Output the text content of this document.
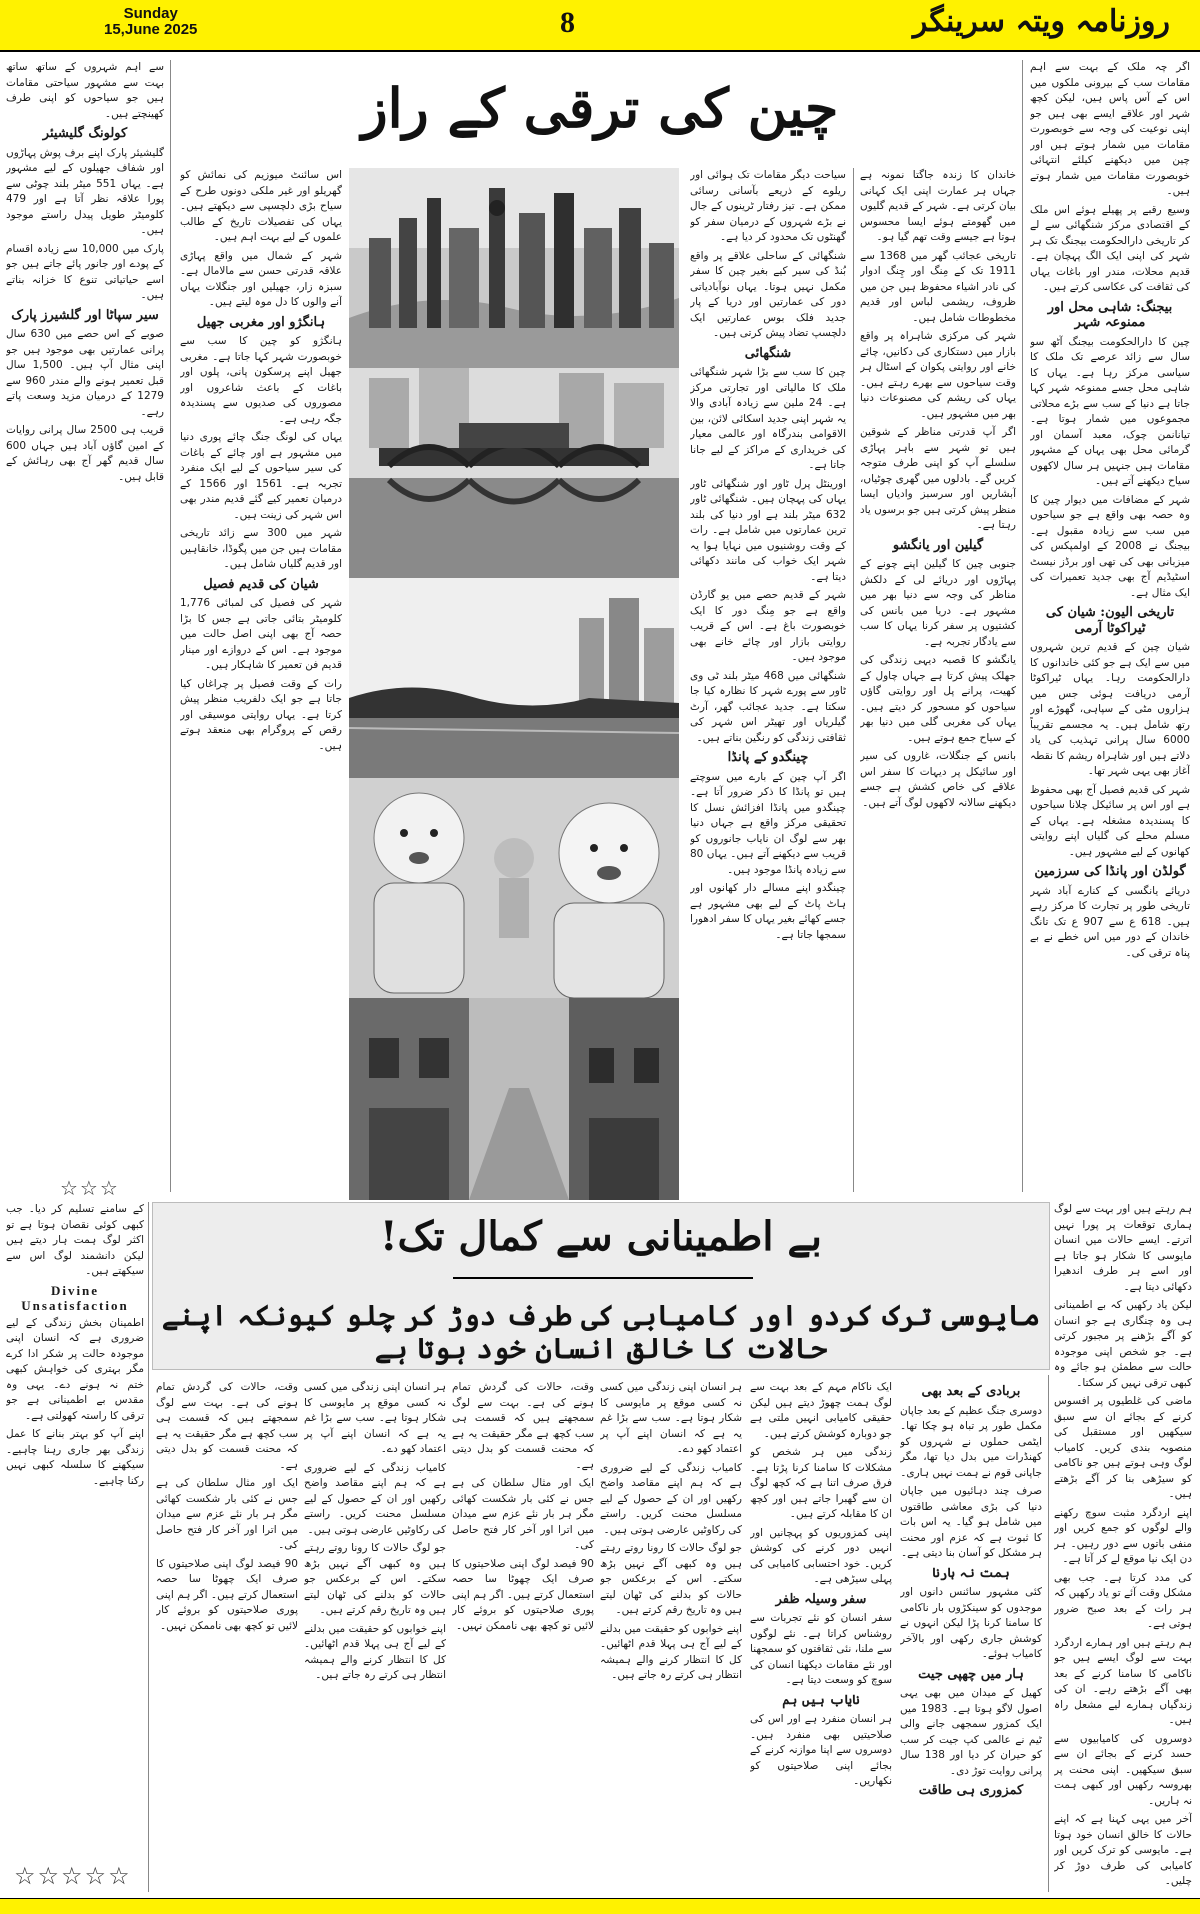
Sunday
15,June 2025	8	روزنامہ ویتہ سرینگر
چین کی ترقی کے راز

اگر چہ ملک کے بہت سے اہم مقامات سب کے بیرونی ملکوں میں اس کے آس پاس ہیں، لیکن کچھ شہر اور علاقے ایسے بھی ہیں جو اپنی نوعیت کی وجہ سے خوبصورت مقامات میں شمار ہوتے ہیں اور چین میں دیکھنے کیلئے انتہائی خوبصورت مقامات میں شمار ہوتے ہیں۔

وسیع رقبے پر پھیلے ہوئے اس ملک کے اقتصادی مرکز شنگھائی سے لے کر تاریخی دارالحکومت بیجنگ تک ہر شہر کی اپنی ایک الگ پہچان ہے۔ قدیم محلات، مندر اور باغات یہاں کی ثقافت کی عکاسی کرتے ہیں۔

بیجنگ: شاہی محل اور ممنوعہ شہر

چین کا دارالحکومت بیجنگ آٹھ سو سال سے زائد عرصے تک ملک کا سیاسی مرکز رہا ہے۔ یہاں کا شاہی محل جسے ممنوعہ شہر کہا جاتا ہے دنیا کے سب سے بڑے محلاتی مجموعوں میں شمار ہوتا ہے۔ تیانانمن چوک، معبد آسمان اور گرمائی محل بھی یہاں کے مشہور مقامات ہیں جنہیں ہر سال لاکھوں سیاح دیکھنے آتے ہیں۔

شہر کے مضافات میں دیوار چین کا وہ حصہ بھی واقع ہے جو سیاحوں میں سب سے زیادہ مقبول ہے۔ بیجنگ نے 2008 کے اولمپکس کی میزبانی بھی کی تھی اور برڈز نیسٹ اسٹیڈیم آج بھی جدید تعمیرات کی ایک مثال ہے۔

تاریخی الیون: شیان کی ٹیراکوٹا آرمی

شیان چین کے قدیم ترین شہروں میں سے ایک ہے جو کئی خاندانوں کا دارالحکومت رہا۔ یہاں ٹیراکوٹا آرمی دریافت ہوئی جس میں ہزاروں مٹی کے سپاہی، گھوڑے اور رتھ شامل ہیں۔ یہ مجسمے تقریباً 6000 سال پرانی تہذیب کی یاد دلاتے ہیں اور شاہراہ ریشم کا نقطہ آغاز بھی یہی شہر تھا۔

شہر کی قدیم فصیل آج بھی محفوظ ہے اور اس پر سائیکل چلانا سیاحوں کا پسندیدہ مشغلہ ہے۔ یہاں کے مسلم محلے کی گلیاں اپنے روایتی کھانوں کے لیے مشہور ہیں۔

گولڈن اور پانڈا کی سرزمین

دریائے یانگسی کے کنارے آباد شہر تاریخی طور پر تجارت کا مرکز رہے ہیں۔ 618 ع سے 907 ع تک تانگ خاندان کے دور میں اس خطے نے بے پناہ ترقی کی۔

خاندان کا زندہ جاگتا نمونہ ہے جہاں ہر عمارت اپنی ایک کہانی بیان کرتی ہے۔ شہر کے قدیم گلیوں میں گھومتے ہوئے ایسا محسوس ہوتا ہے جیسے وقت تھم گیا ہو۔

تاریخی عجائب گھر میں 1368 سے 1911 تک کے مِنگ اور چِنگ ادوار کی نادر اشیاء محفوظ ہیں جن میں ظروف، ریشمی لباس اور قدیم مخطوطات شامل ہیں۔

شہر کی مرکزی شاہراہ پر واقع بازار میں دستکاری کی دکانیں، چائے خانے اور روایتی پکوان کے اسٹال ہر وقت سیاحوں سے بھرے رہتے ہیں۔ یہاں کی ریشم کی مصنوعات دنیا بھر میں مشہور ہیں۔

اگر آپ قدرتی مناظر کے شوقین ہیں تو شہر سے باہر پہاڑی سلسلے آپ کو اپنی طرف متوجہ کریں گے۔ بادلوں میں گھری چوٹیاں، آبشاریں اور سرسبز وادیاں ایسا منظر پیش کرتی ہیں جو برسوں یاد رہتا ہے۔

گیلین اور یانگشو

جنوبی چین کا گیلین اپنے چونے کے پہاڑوں اور دریائے لی کے دلکش مناظر کی وجہ سے دنیا بھر میں مشہور ہے۔ دریا میں بانس کی کشتیوں پر سفر کرنا یہاں کا سب سے یادگار تجربہ ہے۔

یانگشو کا قصبہ دیہی زندگی کی جھلک پیش کرتا ہے جہاں چاول کے کھیت، پرانے پل اور روایتی گاؤں سیاحوں کو مسحور کر دیتے ہیں۔ یہاں کی مغربی گلی میں دنیا بھر کے سیاح جمع ہوتے ہیں۔

بانس کے جنگلات، غاروں کی سیر اور سائیکل پر دیہات کا سفر اس علاقے کی خاص کشش ہے جسے دیکھنے سالانہ لاکھوں لوگ آتے ہیں۔

سیاحت دیگر مقامات تک ہوائی اور ریلوے کے ذریعے بآسانی رسائی ممکن ہے۔ تیز رفتار ٹرینوں کے جال نے بڑے شہروں کے درمیان سفر کو گھنٹوں تک محدود کر دیا ہے۔

شنگھائی کے ساحلی علاقے پر واقع بُنڈ کی سیر کیے بغیر چین کا سفر مکمل نہیں ہوتا۔ یہاں نوآبادیاتی دور کی عمارتیں اور دریا کے پار جدید فلک بوس عمارتیں ایک دلچسپ تضاد پیش کرتی ہیں۔

شنگھائی

چین کا سب سے بڑا شہر شنگھائی ملک کا مالیاتی اور تجارتی مرکز ہے۔ 24 ملین سے زیادہ آبادی والا یہ شہر اپنی جدید اسکائی لائن، بین الاقوامی بندرگاہ اور عالمی معیار کی خریداری کے مراکز کے لیے جانا جاتا ہے۔

اورینٹل پرل ٹاور اور شنگھائی ٹاور یہاں کی پہچان ہیں۔ شنگھائی ٹاور 632 میٹر بلند ہے اور دنیا کی بلند ترین عمارتوں میں شامل ہے۔ رات کے وقت روشنیوں میں نہایا ہوا یہ شہر ایک خواب کی مانند دکھائی دیتا ہے۔

شہر کے قدیم حصے میں یو گارڈن واقع ہے جو مِنگ دور کا ایک خوبصورت باغ ہے۔ اس کے قریب روایتی بازار اور چائے خانے بھی موجود ہیں۔

شنگھائی میں 468 میٹر بلند ٹی وی ٹاور سے پورے شہر کا نظارہ کیا جا سکتا ہے۔ جدید عجائب گھر، آرٹ گیلریاں اور تھیٹر اس شہر کی ثقافتی زندگی کو رنگین بناتے ہیں۔

چینگدو کے پانڈا

اگر آپ چین کے بارے میں سوچتے ہیں تو پانڈا کا ذکر ضرور آتا ہے۔ چینگدو میں پانڈا افزائش نسل کا تحقیقی مرکز واقع ہے جہاں دنیا بھر سے لوگ ان نایاب جانوروں کو قریب سے دیکھنے آتے ہیں۔ یہاں 80 سے زیادہ پانڈا موجود ہیں۔

چینگدو اپنے مسالے دار کھانوں اور ہاٹ پاٹ کے لیے بھی مشہور ہے جسے کھائے بغیر یہاں کا سفر ادھورا سمجھا جاتا ہے۔

اس سائنٹ میوزیم کی نمائش کو گھریلو اور غیر ملکی دونوں طرح کے سیاح بڑی دلچسپی سے دیکھتے ہیں۔ یہاں کی تفصیلات تاریخ کے طالب علموں کے لیے بہت اہم ہیں۔

شہر کے شمال میں واقع پہاڑی علاقہ قدرتی حسن سے مالامال ہے۔ سبزہ زار، جھیلیں اور جنگلات یہاں آنے والوں کا دل موہ لیتے ہیں۔

ہانگژو اور مغربی جھیل

ہانگژو کو چین کا سب سے خوبصورت شہر کہا جاتا ہے۔ مغربی جھیل اپنے پرسکون پانی، پلوں اور باغات کے باعث شاعروں اور مصوروں کی صدیوں سے پسندیدہ جگہ رہی ہے۔

یہاں کی لونگ جنگ چائے پوری دنیا میں مشہور ہے اور چائے کے باغات کی سیر سیاحوں کے لیے ایک منفرد تجربہ ہے۔ 1561 اور 1566 کے درمیان تعمیر کیے گئے قدیم مندر بھی اس شہر کی زینت ہیں۔

شہر میں 300 سے زائد تاریخی مقامات ہیں جن میں پگوڈا، خانقاہیں اور قدیم گلیاں شامل ہیں۔

شیان کی قدیم فصیل

شہر کی فصیل کی لمبائی 1,776 کلومیٹر بتائی جاتی ہے جس کا بڑا حصہ آج بھی اپنی اصل حالت میں موجود ہے۔ اس کے دروازے اور مینار قدیم فن تعمیر کا شاہکار ہیں۔

رات کے وقت فصیل پر چراغاں کیا جاتا ہے جو ایک دلفریب منظر پیش کرتا ہے۔ یہاں روایتی موسیقی اور رقص کے پروگرام بھی منعقد ہوتے ہیں۔

سے اہم شہروں کے ساتھ ساتھ بہت سے مشہور سیاحتی مقامات ہیں جو سیاحوں کو اپنی طرف کھینچتے ہیں۔

کولونگ گلیشیئر

گلیشیئر پارک اپنے برف پوش پہاڑوں اور شفاف جھیلوں کے لیے مشہور ہے۔ یہاں 551 میٹر بلند چوٹی سے پورا علاقہ نظر آتا ہے اور 479 کلومیٹر طویل پیدل راستے موجود ہیں۔

پارک میں 10,000 سے زیادہ اقسام کے پودے اور جانور پائے جاتے ہیں جو اسے حیاتیاتی تنوع کا خزانہ بناتے ہیں۔

سیر سپاٹا اور گلشیرز پارک

صوبے کے اس حصے میں 630 سال پرانی عمارتیں بھی موجود ہیں جو اپنی مثال آپ ہیں۔ 1,500 سال قبل تعمیر ہونے والے مندر 960 سے 1279 کے درمیان مزید وسعت پاتے رہے۔

قریب ہی 2500 سال پرانی روایات کے امین گاؤں آباد ہیں جہاں 600 سال قدیم گھر آج بھی رہائش کے قابل ہیں۔

☆☆☆
بے اطمینانی سے کمال تک!
مایوسی ترک کردو اور کامیابی کی طرف دوڑ کر چلو کیونکہ اپنے حالات کا خالق انسان خود ہوتا ہے

ہم رہتے ہیں اور بہت سے لوگ ہماری توقعات پر پورا نہیں اترتے۔ ایسے حالات میں انسان مایوسی کا شکار ہو جاتا ہے اور اسے ہر طرف اندھیرا دکھائی دیتا ہے۔

لیکن یاد رکھیں کہ بے اطمینانی ہی وہ چنگاری ہے جو انسان کو آگے بڑھنے پر مجبور کرتی ہے۔ جو شخص اپنی موجودہ حالت سے مطمئن ہو جائے وہ کبھی ترقی نہیں کر سکتا۔

ماضی کی غلطیوں پر افسوس کرنے کے بجائے ان سے سبق سیکھیں اور مستقبل کی منصوبہ بندی کریں۔ کامیاب لوگ وہی ہوتے ہیں جو ناکامی کو سیڑھی بنا کر آگے بڑھتے ہیں۔

اپنے اردگرد مثبت سوچ رکھنے والے لوگوں کو جمع کریں اور منفی باتوں سے دور رہیں۔ ہر دن ایک نیا موقع لے کر آتا ہے۔

کی مدد کرتا ہے۔ جب بھی مشکل وقت آئے تو یاد رکھیں کہ ہر رات کے بعد صبح ضرور ہوتی ہے۔

ہم رہتے ہیں اور ہمارے اردگرد بہت سے لوگ ایسے ہیں جو ناکامی کا سامنا کرنے کے بعد بھی آگے بڑھتے رہے۔ ان کی زندگیاں ہمارے لیے مشعل راہ ہیں۔

دوسروں کی کامیابیوں سے حسد کرنے کے بجائے ان سے سبق سیکھیں۔ اپنی محنت پر بھروسہ رکھیں اور کبھی ہمت نہ ہاریں۔

آخر میں یہی کہنا ہے کہ اپنے حالات کا خالق انسان خود ہوتا ہے۔ مایوسی کو ترک کریں اور کامیابی کی طرف دوڑ کر چلیں۔

بربادی کے بعد بھی

دوسری جنگ عظیم کے بعد جاپان مکمل طور پر تباہ ہو چکا تھا۔ ایٹمی حملوں نے شہروں کو کھنڈرات میں بدل دیا تھا، مگر جاپانی قوم نے ہمت نہیں ہاری۔

صرف چند دہائیوں میں جاپان دنیا کی بڑی معاشی طاقتوں میں شامل ہو گیا۔ یہ اس بات کا ثبوت ہے کہ عزم اور محنت ہر مشکل کو آسان بنا دیتی ہے۔

ہمت نہ ہارنا

کئی مشہور سائنس دانوں اور موجدوں کو سینکڑوں بار ناکامی کا سامنا کرنا پڑا لیکن انہوں نے کوشش جاری رکھی اور بالآخر کامیاب ہوئے۔

ہار میں چھپی جیت

کھیل کے میدان میں بھی یہی اصول لاگو ہوتا ہے۔ 1983 میں ایک کمزور سمجھی جانے والی ٹیم نے عالمی کپ جیت کر سب کو حیران کر دیا اور 138 سال پرانی روایت توڑ دی۔

کمزوری ہی طاقت

ایک ناکام مہم کے بعد بہت سے لوگ ہمت چھوڑ دیتے ہیں لیکن حقیقی کامیابی انہیں ملتی ہے جو دوبارہ کوشش کرتے ہیں۔

زندگی میں ہر شخص کو مشکلات کا سامنا کرنا پڑتا ہے۔ فرق صرف اتنا ہے کہ کچھ لوگ ان سے گھبرا جاتے ہیں اور کچھ ان کا مقابلہ کرتے ہیں۔

اپنی کمزوریوں کو پہچانیں اور انہیں دور کرنے کی کوشش کریں۔ خود احتسابی کامیابی کی پہلی سیڑھی ہے۔

سفر وسیلہ ظفر

سفر انسان کو نئے تجربات سے روشناس کراتا ہے۔ نئے لوگوں سے ملنا، نئی ثقافتوں کو سمجھنا اور نئے مقامات دیکھنا انسان کی سوچ کو وسعت دیتا ہے۔

نایاب ہیں ہم

ہر انسان منفرد ہے اور اس کی صلاحیتیں بھی منفرد ہیں۔ دوسروں سے اپنا موازنہ کرنے کے بجائے اپنی صلاحیتوں کو نکھاریں۔

ہر انسان اپنی زندگی میں کسی نہ کسی موقع پر مایوسی کا شکار ہوتا ہے۔ سب سے بڑا غم یہ ہے کہ انسان اپنے آپ پر اعتماد کھو دے۔

کامیاب زندگی کے لیے ضروری ہے کہ ہم اپنے مقاصد واضح رکھیں اور ان کے حصول کے لیے مسلسل محنت کریں۔ راستے کی رکاوٹیں عارضی ہوتی ہیں۔

جو لوگ حالات کا رونا روتے رہتے ہیں وہ کبھی آگے نہیں بڑھ سکتے۔ اس کے برعکس جو حالات کو بدلنے کی ٹھان لیتے ہیں وہ تاریخ رقم کرتے ہیں۔

اپنے خوابوں کو حقیقت میں بدلنے کے لیے آج ہی پہلا قدم اٹھائیں۔ کل کا انتظار کرنے والے ہمیشہ انتظار ہی کرتے رہ جاتے ہیں۔

وقت، حالات کی گردش تمام ہونے کی ہے۔ بہت سے لوگ سمجھتے ہیں کہ قسمت ہی سب کچھ ہے مگر حقیقت یہ ہے کہ محنت قسمت کو بدل دیتی ہے۔

ایک اور مثال سلطان کی ہے جس نے کئی بار شکست کھائی مگر ہر بار نئے عزم سے میدان میں اترا اور آخر کار فتح حاصل کی۔

90 فیصد لوگ اپنی صلاحیتوں کا صرف ایک چھوٹا سا حصہ استعمال کرتے ہیں۔ اگر ہم اپنی پوری صلاحیتوں کو بروئے کار لائیں تو کچھ بھی ناممکن نہیں۔

ہر انسان اپنی زندگی میں کسی نہ کسی موقع پر مایوسی کا شکار ہوتا ہے۔ سب سے بڑا غم یہ ہے کہ انسان اپنے آپ پر اعتماد کھو دے۔

کامیاب زندگی کے لیے ضروری ہے کہ ہم اپنے مقاصد واضح رکھیں اور ان کے حصول کے لیے مسلسل محنت کریں۔ راستے کی رکاوٹیں عارضی ہوتی ہیں۔

جو لوگ حالات کا رونا روتے رہتے ہیں وہ کبھی آگے نہیں بڑھ سکتے۔ اس کے برعکس جو حالات کو بدلنے کی ٹھان لیتے ہیں وہ تاریخ رقم کرتے ہیں۔

اپنے خوابوں کو حقیقت میں بدلنے کے لیے آج ہی پہلا قدم اٹھائیں۔ کل کا انتظار کرنے والے ہمیشہ انتظار ہی کرتے رہ جاتے ہیں۔

وقت، حالات کی گردش تمام ہونے کی ہے۔ بہت سے لوگ سمجھتے ہیں کہ قسمت ہی سب کچھ ہے مگر حقیقت یہ ہے کہ محنت قسمت کو بدل دیتی ہے۔

ایک اور مثال سلطان کی ہے جس نے کئی بار شکست کھائی مگر ہر بار نئے عزم سے میدان میں اترا اور آخر کار فتح حاصل کی۔

90 فیصد لوگ اپنی صلاحیتوں کا صرف ایک چھوٹا سا حصہ استعمال کرتے ہیں۔ اگر ہم اپنی پوری صلاحیتوں کو بروئے کار لائیں تو کچھ بھی ناممکن نہیں۔

کے سامنے تسلیم کر دیا۔ جب کبھی کوئی نقصان ہوتا ہے تو اکثر لوگ ہمت ہار دیتے ہیں لیکن دانشمند لوگ اس سے سیکھتے ہیں۔

Divine Unsatisfaction

اطمینان بخش زندگی کے لیے ضروری ہے کہ انسان اپنی موجودہ حالت پر شکر ادا کرے مگر بہتری کی خواہش کبھی ختم نہ ہونے دے۔ یہی وہ مقدس بے اطمینانی ہے جو ترقی کا راستہ کھولتی ہے۔

اپنے آپ کو بہتر بنانے کا عمل زندگی بھر جاری رہنا چاہیے۔ سیکھنے کا سلسلہ کبھی نہیں رکنا چاہیے۔

☆☆☆☆☆
